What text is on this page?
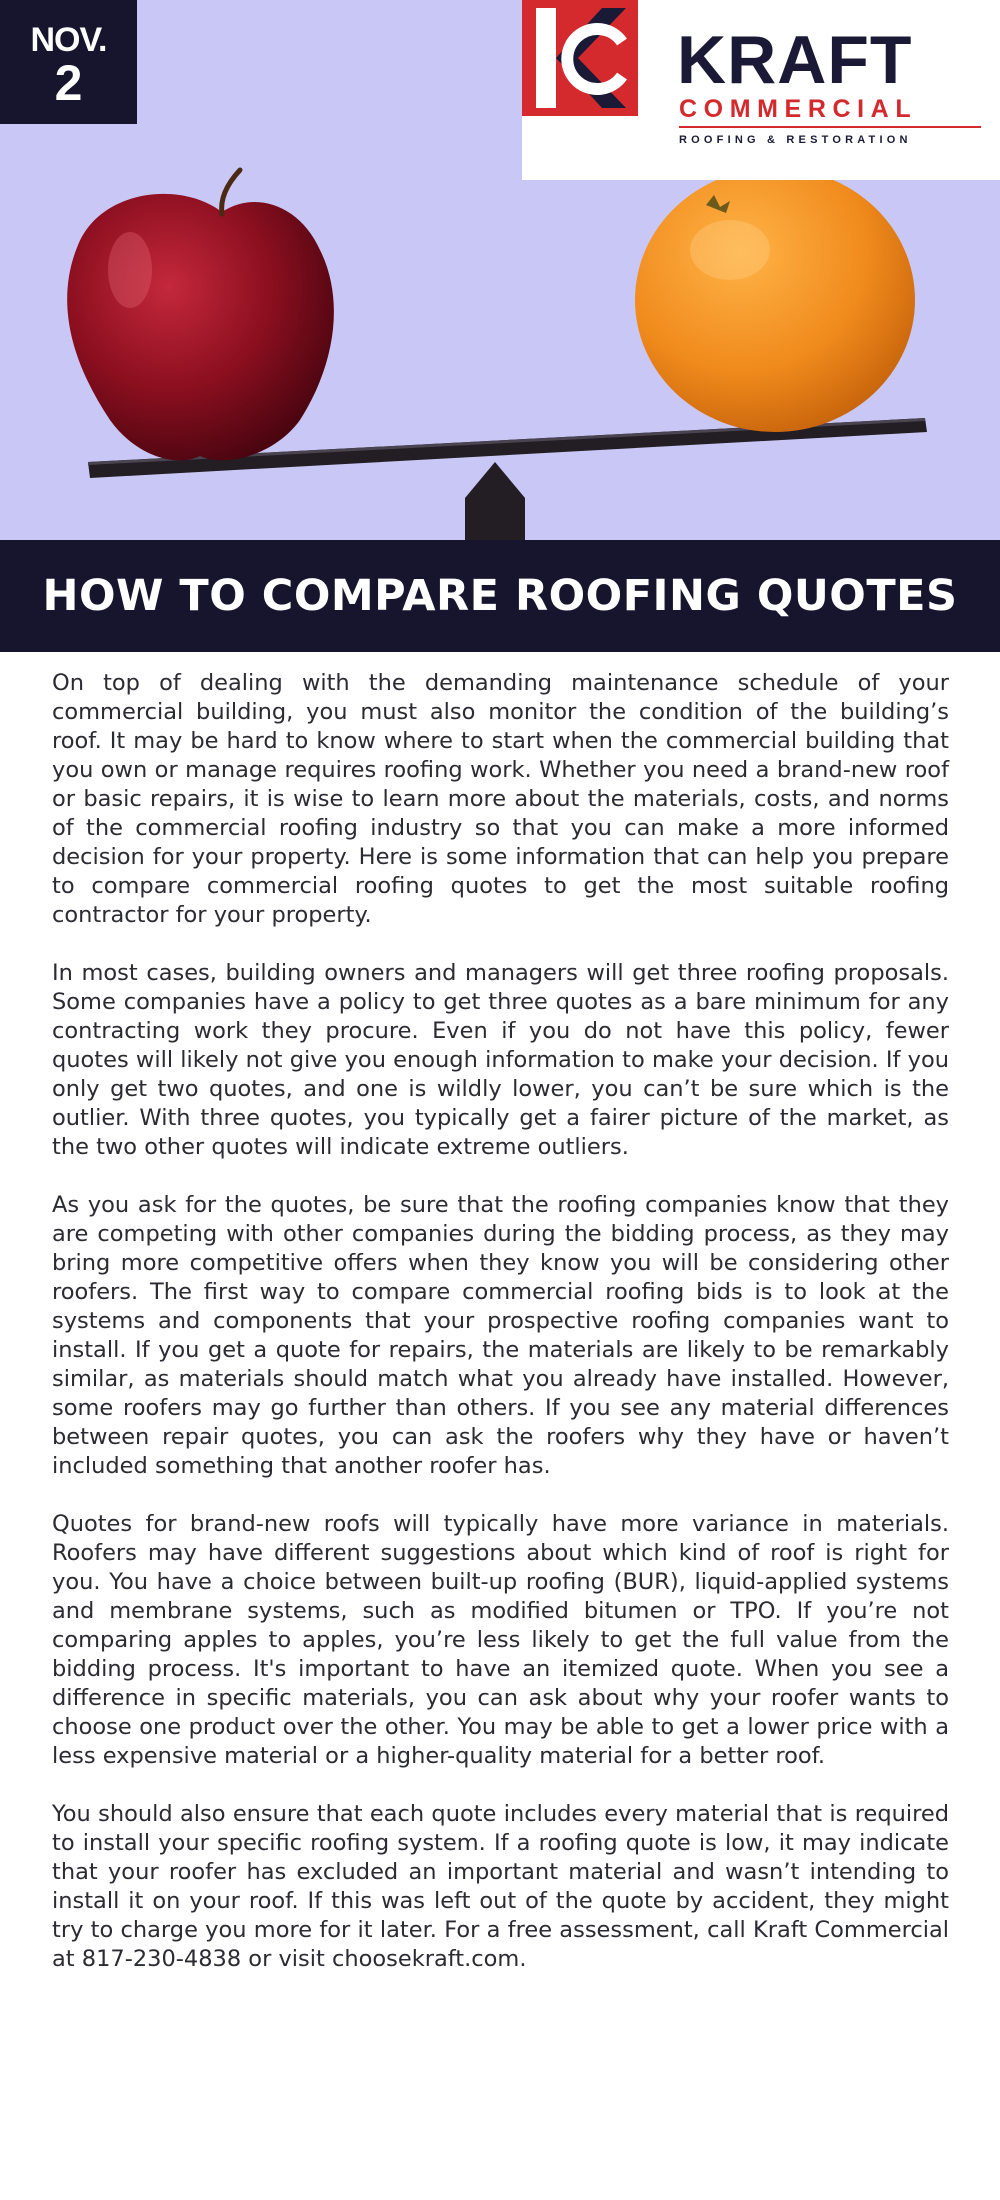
NOV.
2	KRAFT
COMMERCIAL
ROOFING & RESTORATION
HOW TO COMPARE ROOFING QUOTES

On top of dealing with the demanding maintenance schedule of your commercial building, you must also monitor the condition of the building’s roof. It may be hard to know where to start when the commercial building that you own or manage requires roofing work. Whether you need a brand-new roof or basic repairs, it is wise to learn more about the materials, costs, and norms of the commercial roofing industry so that you can make a more informed decision for your property. Here is some information that can help you prepare to compare commercial roofing quotes to get the most suitable roofing contractor for your property.

In most cases, building owners and managers will get three roofing proposals. Some companies have a policy to get three quotes as a bare minimum for any contracting work they procure. Even if you do not have this policy, fewer quotes will likely not give you enough information to make your decision. If you only get two quotes, and one is wildly lower, you can’t be sure which is the outlier. With three quotes, you typically get a fairer picture of the market, as the two other quotes will indicate extreme outliers.

As you ask for the quotes, be sure that the roofing companies know that they are competing with other companies during the bidding process, as they may bring more competitive offers when they know you will be considering other roofers. The first way to compare commercial roofing bids is to look at the systems and components that your prospective roofing companies want to install. If you get a quote for repairs, the materials are likely to be remarkably similar, as materials should match what you already have installed. However, some roofers may go further than others. If you see any material differences between repair quotes, you can ask the roofers why they have or haven’t included something that another roofer has.

Quotes for brand-new roofs will typically have more variance in materials. Roofers may have different suggestions about which kind of roof is right for you. You have a choice between built-up roofing (BUR), liquid-applied systems and membrane systems, such as modified bitumen or TPO. If you’re not comparing apples to apples, you’re less likely to get the full value from the bidding process. It's important to have an itemized quote. When you see a difference in specific materials, you can ask about why your roofer wants to choose one product over the other. You may be able to get a lower price with a less expensive material or a higher-quality material for a better roof.

You should also ensure that each quote includes every material that is required to install your specific roofing system. If a roofing quote is low, it may indicate that your roofer has excluded an important material and wasn’t intending to install it on your roof. If this was left out of the quote by accident, they might try to charge you more for it later. For a free assessment, call Kraft Commercial at 817-230-4838 or visit choosekraft.com.
